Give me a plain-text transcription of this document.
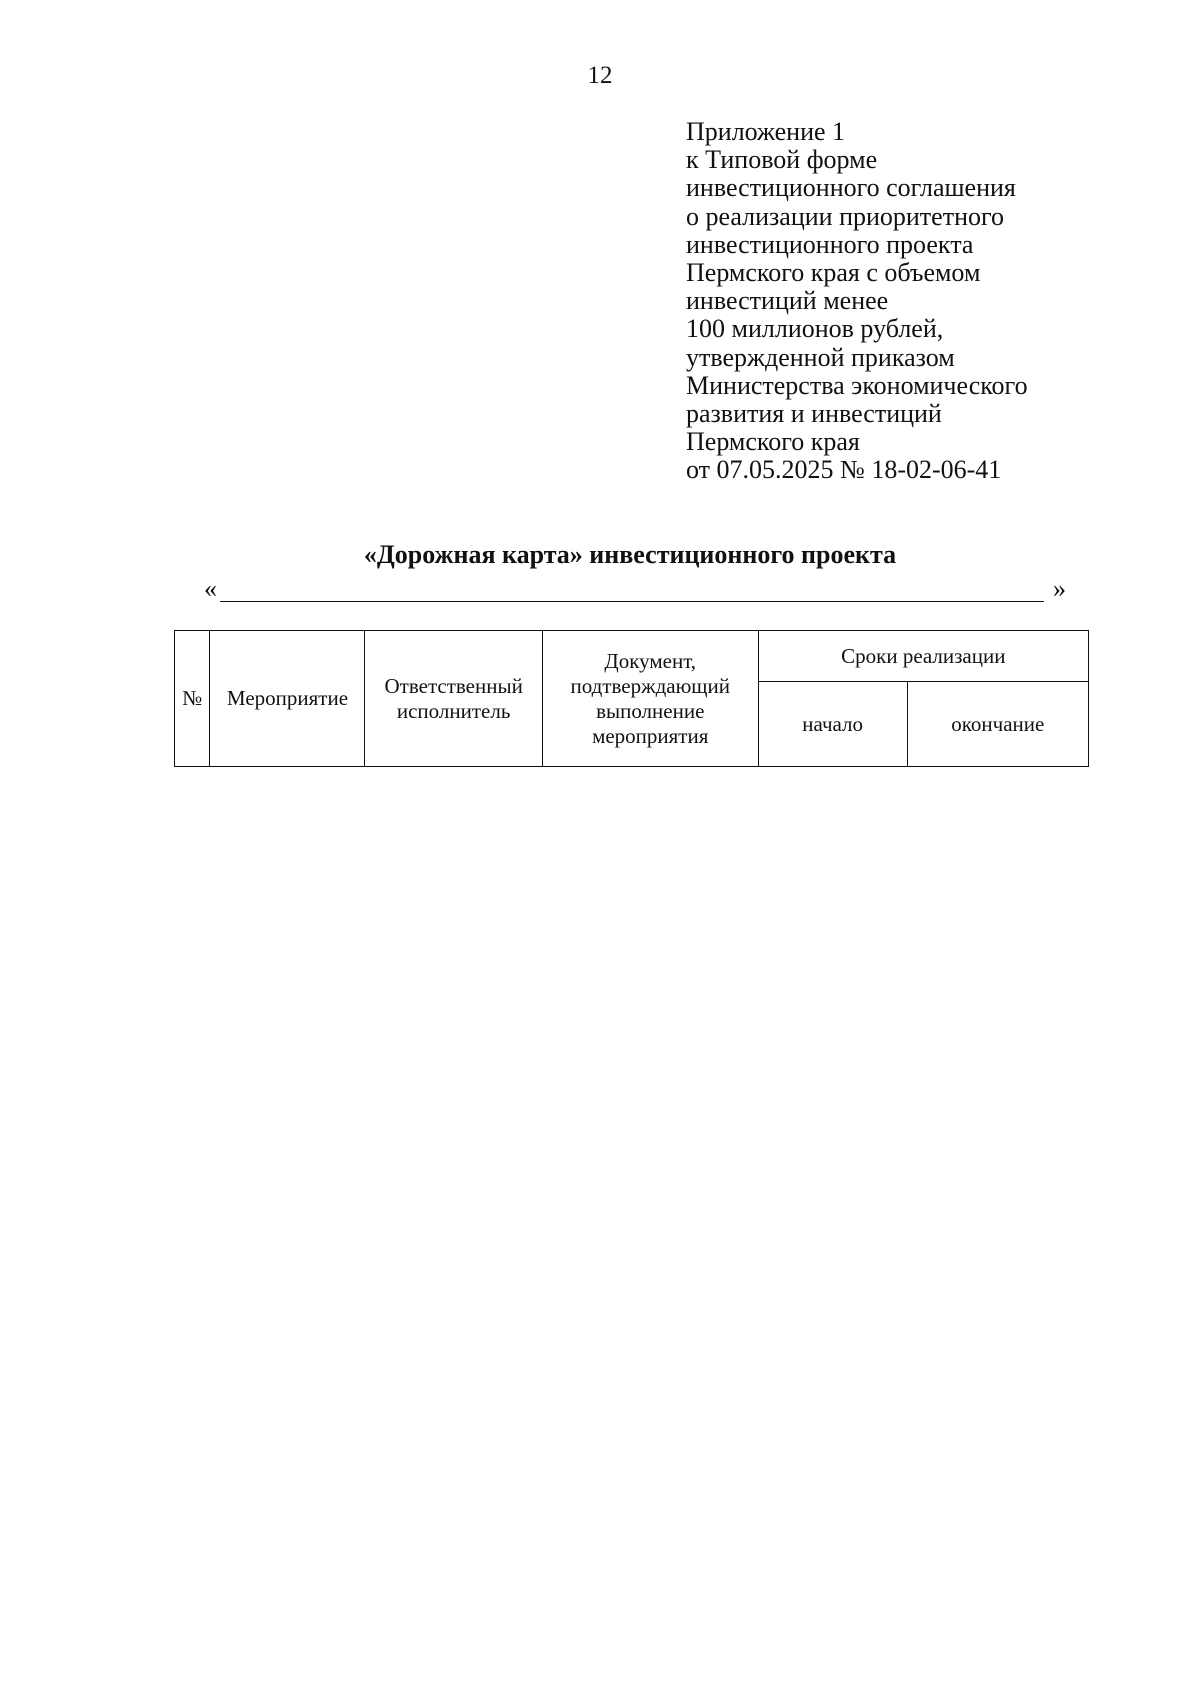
12
Приложение 1
к Типовой форме
инвестиционного соглашения
о реализации приоритетного
инвестиционного проекта
Пермского края с объемом
инвестиций менее
100 миллионов рублей,
утвержденной приказом
Министерства экономического
развития и инвестиций
Пермского края
от 07.05.2025 № 18-02-06-41
«Дорожная карта» инвестиционного проекта
«	»
№	Мероприятие	Ответственный исполнитель	Документ, подтверждающий выполнение мероприятия	Сроки реализации	
				начало	окончание
